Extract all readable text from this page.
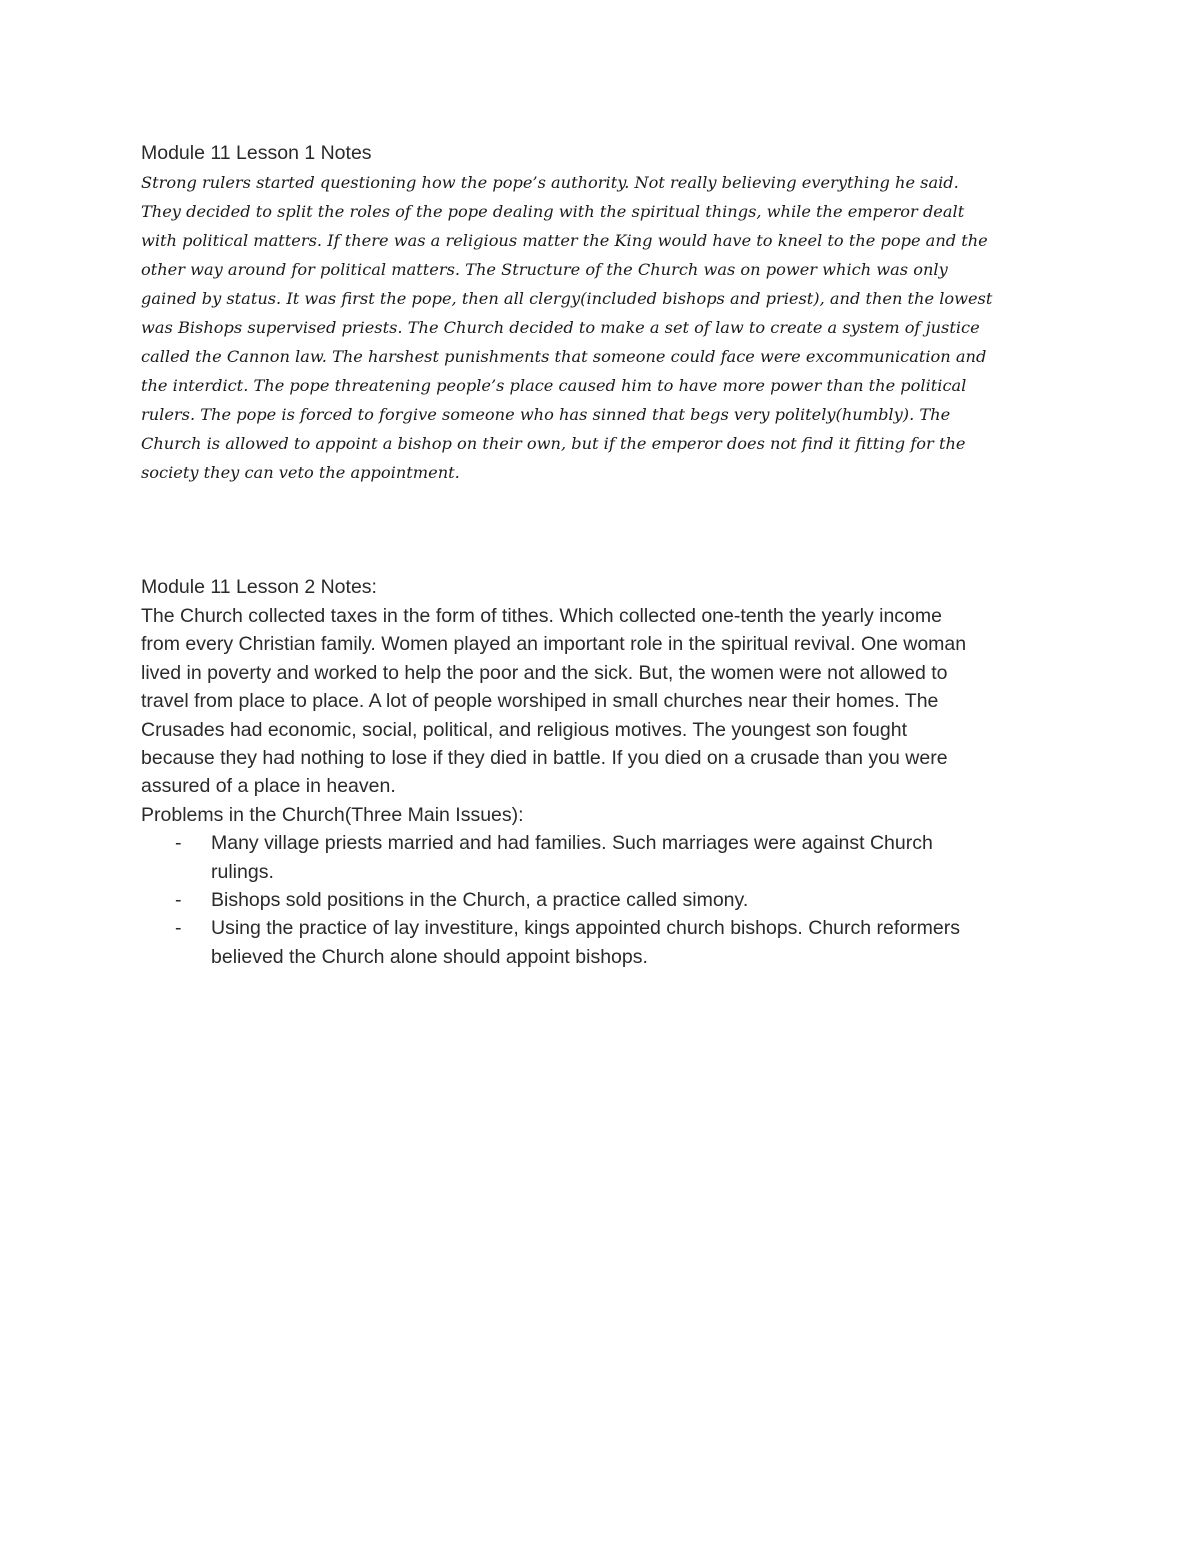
Module 11 Lesson 1 Notes
Strong rulers started questioning how the pope’s authority. Not really believing everything he said.
They decided to split the roles of the pope dealing with the spiritual things, while the emperor dealt
with political matters. If there was a religious matter the King would have to kneel to the pope and the
other way around for political matters. The Structure of the Church was on power which was only
gained by status. It was first the pope, then all clergy(included bishops and priest), and then the lowest
was Bishops supervised priests. The Church decided to make a set of law to create a system of justice
called the Cannon law. The harshest punishments that someone could face were excommunication and
the interdict. The pope threatening people’s place caused him to have more power than the political
rulers. The pope is forced to forgive someone who has sinned that begs very politely(humbly). The
Church is allowed to appoint a bishop on their own, but if the emperor does not find it fitting for the
society they can veto the appointment.
Module 11 Lesson 2 Notes:
The Church collected taxes in the form of tithes. Which collected one-tenth the yearly income
from every Christian family. Women played an important role in the spiritual revival. One woman
lived in poverty and worked to help the poor and the sick. But, the women were not allowed to
travel from place to place. A lot of people worshiped in small churches near their homes. The
Crusades had economic, social, political, and religious motives. The youngest son fought
because they had nothing to lose if they died in battle. If you died on a crusade than you were
assured of a place in heaven.
Problems in the Church(Three Main Issues):
- Many village priests married and had families. Such marriages were against Church
rulings.
- Bishops sold positions in the Church, a practice called simony.
- Using the practice of lay investiture, kings appointed church bishops. Church reformers
believed the Church alone should appoint bishops.
